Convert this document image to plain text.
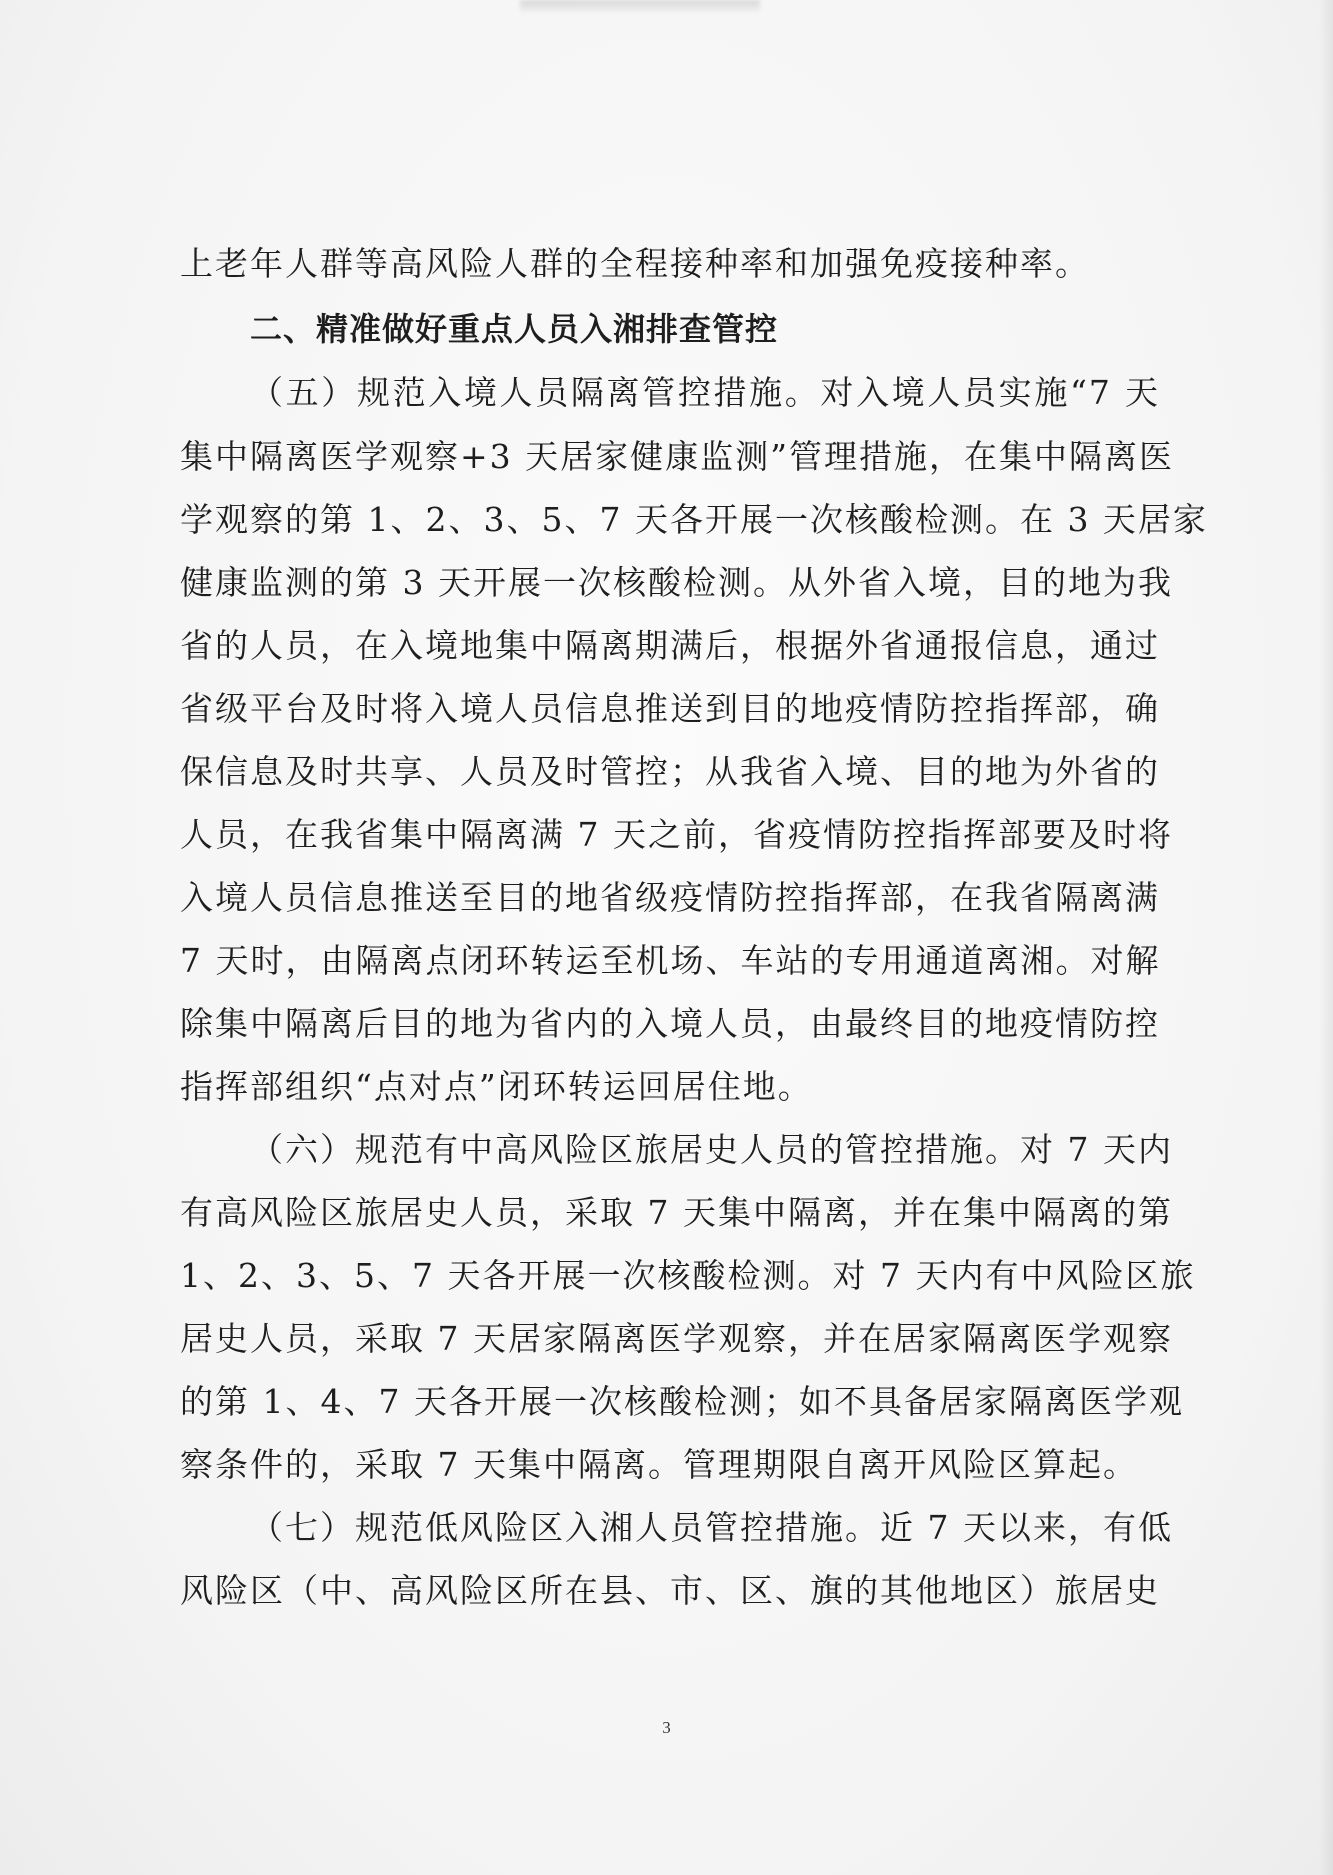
上老年人群等高风险人群的全程接种率和加强免疫接种率。
二、精准做好重点人员入湘排查管控
（五）规范入境人员隔离管控措施。对入境人员实施“7 天
集中隔离医学观察+3 天居家健康监测”管理措施，在集中隔离医
学观察的第 1、2、3、5、7 天各开展一次核酸检测。在 3 天居家
健康监测的第 3 天开展一次核酸检测。从外省入境，目的地为我
省的人员，在入境地集中隔离期满后，根据外省通报信息，通过
省级平台及时将入境人员信息推送到目的地疫情防控指挥部，确
保信息及时共享、人员及时管控；从我省入境、目的地为外省的
人员，在我省集中隔离满 7 天之前，省疫情防控指挥部要及时将
入境人员信息推送至目的地省级疫情防控指挥部，在我省隔离满
7 天时，由隔离点闭环转运至机场、车站的专用通道离湘。对解
除集中隔离后目的地为省内的入境人员，由最终目的地疫情防控
指挥部组织“点对点”闭环转运回居住地。
（六）规范有中高风险区旅居史人员的管控措施。对 7 天内
有高风险区旅居史人员，采取 7 天集中隔离，并在集中隔离的第
1、2、3、5、7 天各开展一次核酸检测。对 7 天内有中风险区旅
居史人员，采取 7 天居家隔离医学观察，并在居家隔离医学观察
的第 1、4、7 天各开展一次核酸检测；如不具备居家隔离医学观
察条件的，采取 7 天集中隔离。管理期限自离开风险区算起。
（七）规范低风险区入湘人员管控措施。近 7 天以来，有低
风险区（中、高风险区所在县、市、区、旗的其他地区）旅居史
3
